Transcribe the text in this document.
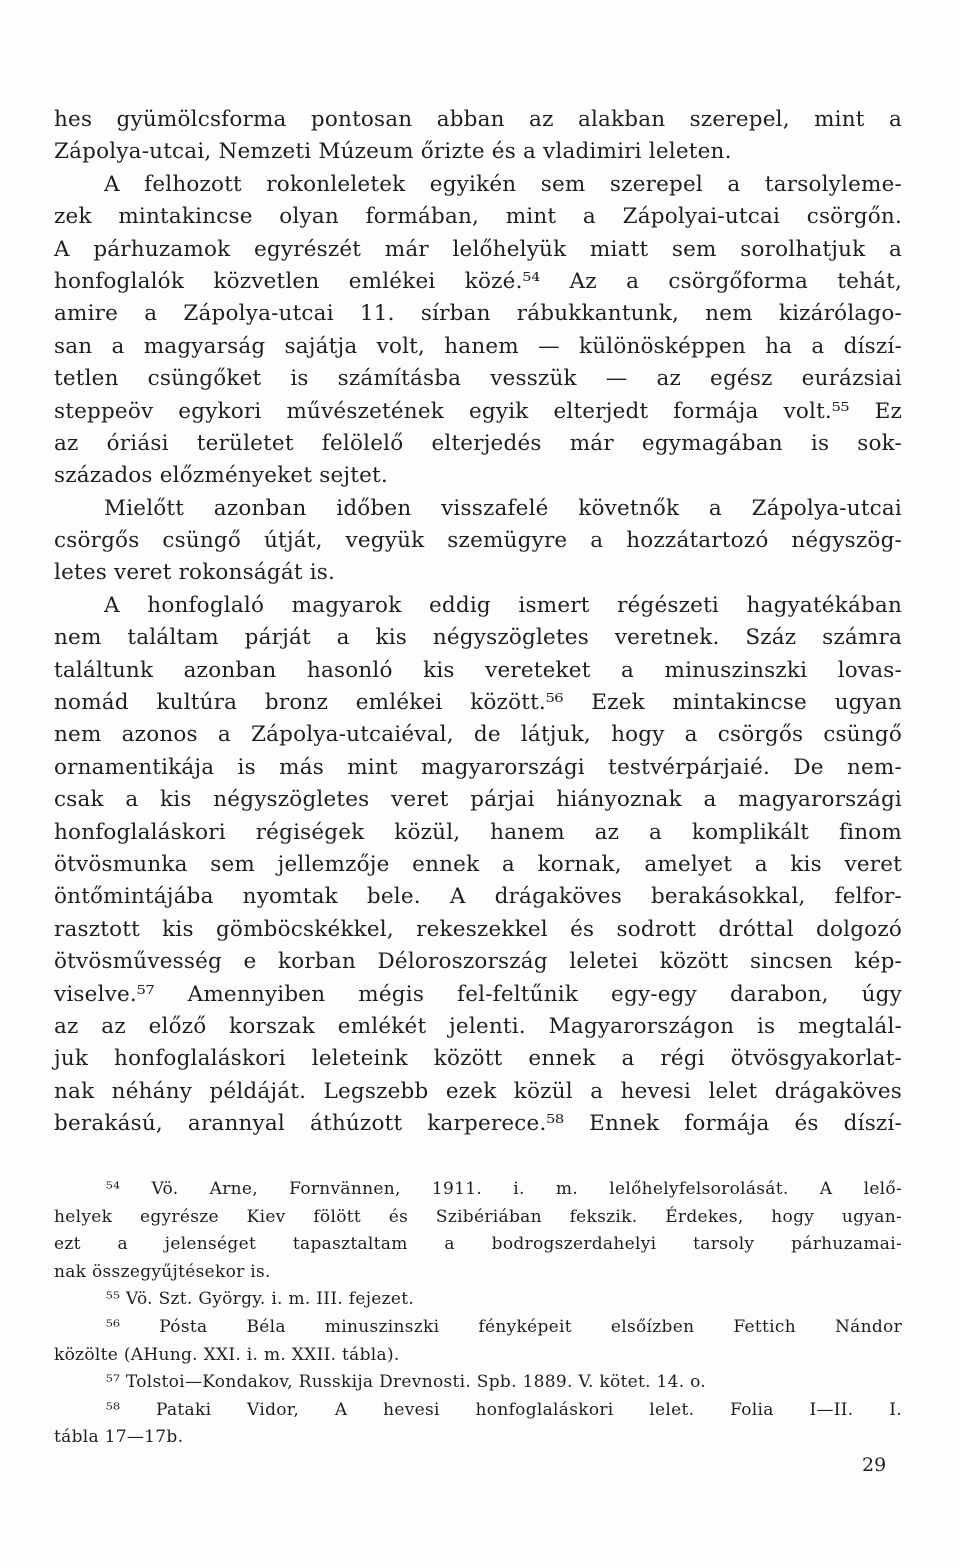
hes gyümölcsforma pontosan abban az alakban szerepel, mint a
Zápolya-utcai, Nemzeti Múzeum őrizte és a vladimiri leleten.
A felhozott rokonleletek egyikén sem szerepel a tarsolyleme-
zek mintakincse olyan formában, mint a Zápolyai-utcai csörgőn.
A párhuzamok egyrészét már lelőhelyük miatt sem sorolhatjuk a
honfoglalók közvetlen emlékei közé.⁵⁴ Az a csörgőforma tehát,
amire a Zápolya-utcai 11. sírban rábukkantunk, nem kizárólago-
san a magyarság sajátja volt, hanem — különösképpen ha a díszí-
tetlen csüngőket is számításba vesszük — az egész eurázsiai
steppeöv egykori művészetének egyik elterjedt formája volt.⁵⁵ Ez
az óriási területet felölelő elterjedés már egymagában is sok-
százados előzményeket sejtet.
Mielőtt azonban időben visszafelé követnők a Zápolya-utcai
csörgős csüngő útját, vegyük szemügyre a hozzátartozó négyszög-
letes veret rokonságát is.
A honfoglaló magyarok eddig ismert régészeti hagyatékában
nem találtam párját a kis négyszögletes veretnek. Száz számra
találtunk azonban hasonló kis vereteket a minuszinszki lovas-
nomád kultúra bronz emlékei között.⁵⁶ Ezek mintakincse ugyan
nem azonos a Zápolya-utcaiéval, de látjuk, hogy a csörgős csüngő
ornamentikája is más mint magyarországi testvérpárjaié. De nem-
csak a kis négyszögletes veret párjai hiányoznak a magyarországi
honfoglaláskori régiségek közül, hanem az a komplikált finom
ötvösmunka sem jellemzője ennek a kornak, amelyet a kis veret
öntőmintájába nyomtak bele. A drágaköves berakásokkal, felfor-
rasztott kis gömböcskékkel, rekeszekkel és sodrott dróttal dolgozó
ötvösművesség e korban Déloroszország leletei között sincsen kép-
viselve.⁵⁷ Amennyiben mégis fel-feltűnik egy-egy darabon, úgy
az az előző korszak emlékét jelenti. Magyarországon is megtalál-
juk honfoglaláskori leleteink között ennek a régi ötvösgyakorlat-
nak néhány példáját. Legszebb ezek közül a hevesi lelet drágaköves
berakású, arannyal áthúzott karperece.⁵⁸ Ennek formája és díszí-
⁵⁴ Vö. Arne, Fornvännen, 1911. i. m. lelőhelyfelsorolását. A lelő-
helyek egyrésze Kiev fölött és Szibériában fekszik. Érdekes, hogy ugyan-
ezt a jelenséget tapasztaltam a bodrogszerdahelyi tarsoly párhuzamai-
nak összegyűjtésekor is.
⁵⁵ Vö. Szt. György. i. m. III. fejezet.
⁵⁶ Pósta Béla minuszinszki fényképeit elsőízben Fettich Nándor
közölte (AHung. XXI. i. m. XXII. tábla).
⁵⁷ Tolstoi—Kondakov, Russkija Drevnosti. Spb. 1889. V. kötet. 14. o.
⁵⁸ Pataki Vidor, A hevesi honfoglaláskori lelet. Folia I—II. I.
tábla 17—17b.
29
